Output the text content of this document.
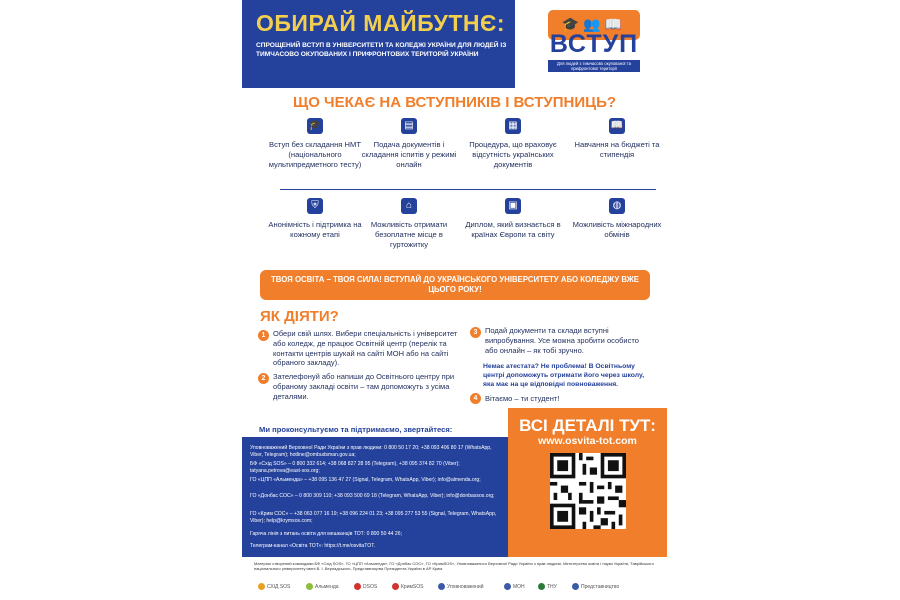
ОБИРАЙ МАЙБУТНЄ:
СПРОЩЕНИЙ ВСТУП В УНІВЕРСИТЕТИ ТА КОЛЕДЖІ УКРАЇНИ ДЛЯ ЛЮДЕЙ ІЗ ТИМЧАСОВО ОКУПОВАНИХ І ПРИФРОНТОВИХ ТЕРИТОРІЙ УКРАЇНИ
🎓👥📖
ВСТУП
Для людей з тимчасово окупованої та прифронтової території
ЩО ЧЕКАЄ НА ВСТУПНИКІВ І ВСТУПНИЦЬ?
🎓
Вступ без складання НМТ (національного мультипредметного тесту)
▤
Подача документів і складання іспитів у режимі онлайн
▦
Процедура, що враховує відсутність українських документів
📖
Навчання на бюджеті та стипендія
⛨
Анонімність і підтримка на кожному етапі
⌂
Можливість отримати безоплатне місце в гуртожитку
▣
Диплом, який визнається в країнах Європи та світу
◍
Можливість міжнародних обмінів
ТВОЯ ОСВІТА – ТВОЯ СИЛА! ВСТУПАЙ ДО УКРАЇНСЬКОГО УНІВЕРСИТЕТУ АБО КОЛЕДЖУ ВЖЕ ЦЬОГО РОКУ!
ЯК ДІЯТИ?
1	Обери свій шлях. Вибери спеціальність і університет або коледж, де працює Освітній центр (перелік та контакти центрів шукай на сайті МОН або на сайті обраного закладу).
2	Зателефонуй або напиши до Освітнього центру при обраному закладі освіти – там допоможуть з усіма деталями.
3	Подай документи та склади вступні випробування. Усе можна зробити особисто або онлайн – як тобі зручно.
Немає атестата? Не проблема! В Освітньому центрі допоможуть отримати його через школу, яка має на це відповідні повноваження.
4	Вітаємо – ти студент!
Ми проконсультуємо та підтримаємо, звертайтеся:
Уповноважений Верховної Ради України з прав людини: 0 800 50 17 20; +38 093 406 80 17 (WhatsApp, Viber, Telegram); hotline@ombudsman.gov.ua;
БФ «Схід SOS» – 0 800 332 614; +38 068 827 28 95 (Telegram), +38 095 374 82 70 (Viber); tatyana.petrova@east-sos.org;
ГО «ЦПП «Альменда» – +38 095 136 47 27 (Signal, Telegram, WhatsApp, Viber); info@almenda.org;
ГО «Донбас СОС» – 0 800 309 110; +38 093 500 69 18 (Telegram, WhatsApp, Viber); info@donbassos.org;
ГО «Крим СОС» – +38 063 077 16 19; +38 096 224 01 23; +38 095 277 53 55 (Signal, Telegram, WhatsApp, Viber); help@krymsos.com;
Гаряча лінія з питань освіти для мешканців ТОТ: 0 800 50 44 26;
Телеграм-канал «Освіта ТОТ»: https://t.me/osvitaTOT.
ВСІ ДЕТАЛІ ТУТ:
www.osvita-tot.com
Матеріал створений командами БФ «Схід SOS», ГО «ЦПП «Альменда», ГО «Донбас СОС», ГО «КримSOS», Уповноваженого Верховної Ради України з прав людини, Міністерства освіти і науки України, Таврійського національного університету імені В. І. Вернадського, Представництва Президента України в АР Крим.
СХІД SOS	Альменда	DSOS	КримSOS	Уповноважений	МОН	ТНУ	Представництво
